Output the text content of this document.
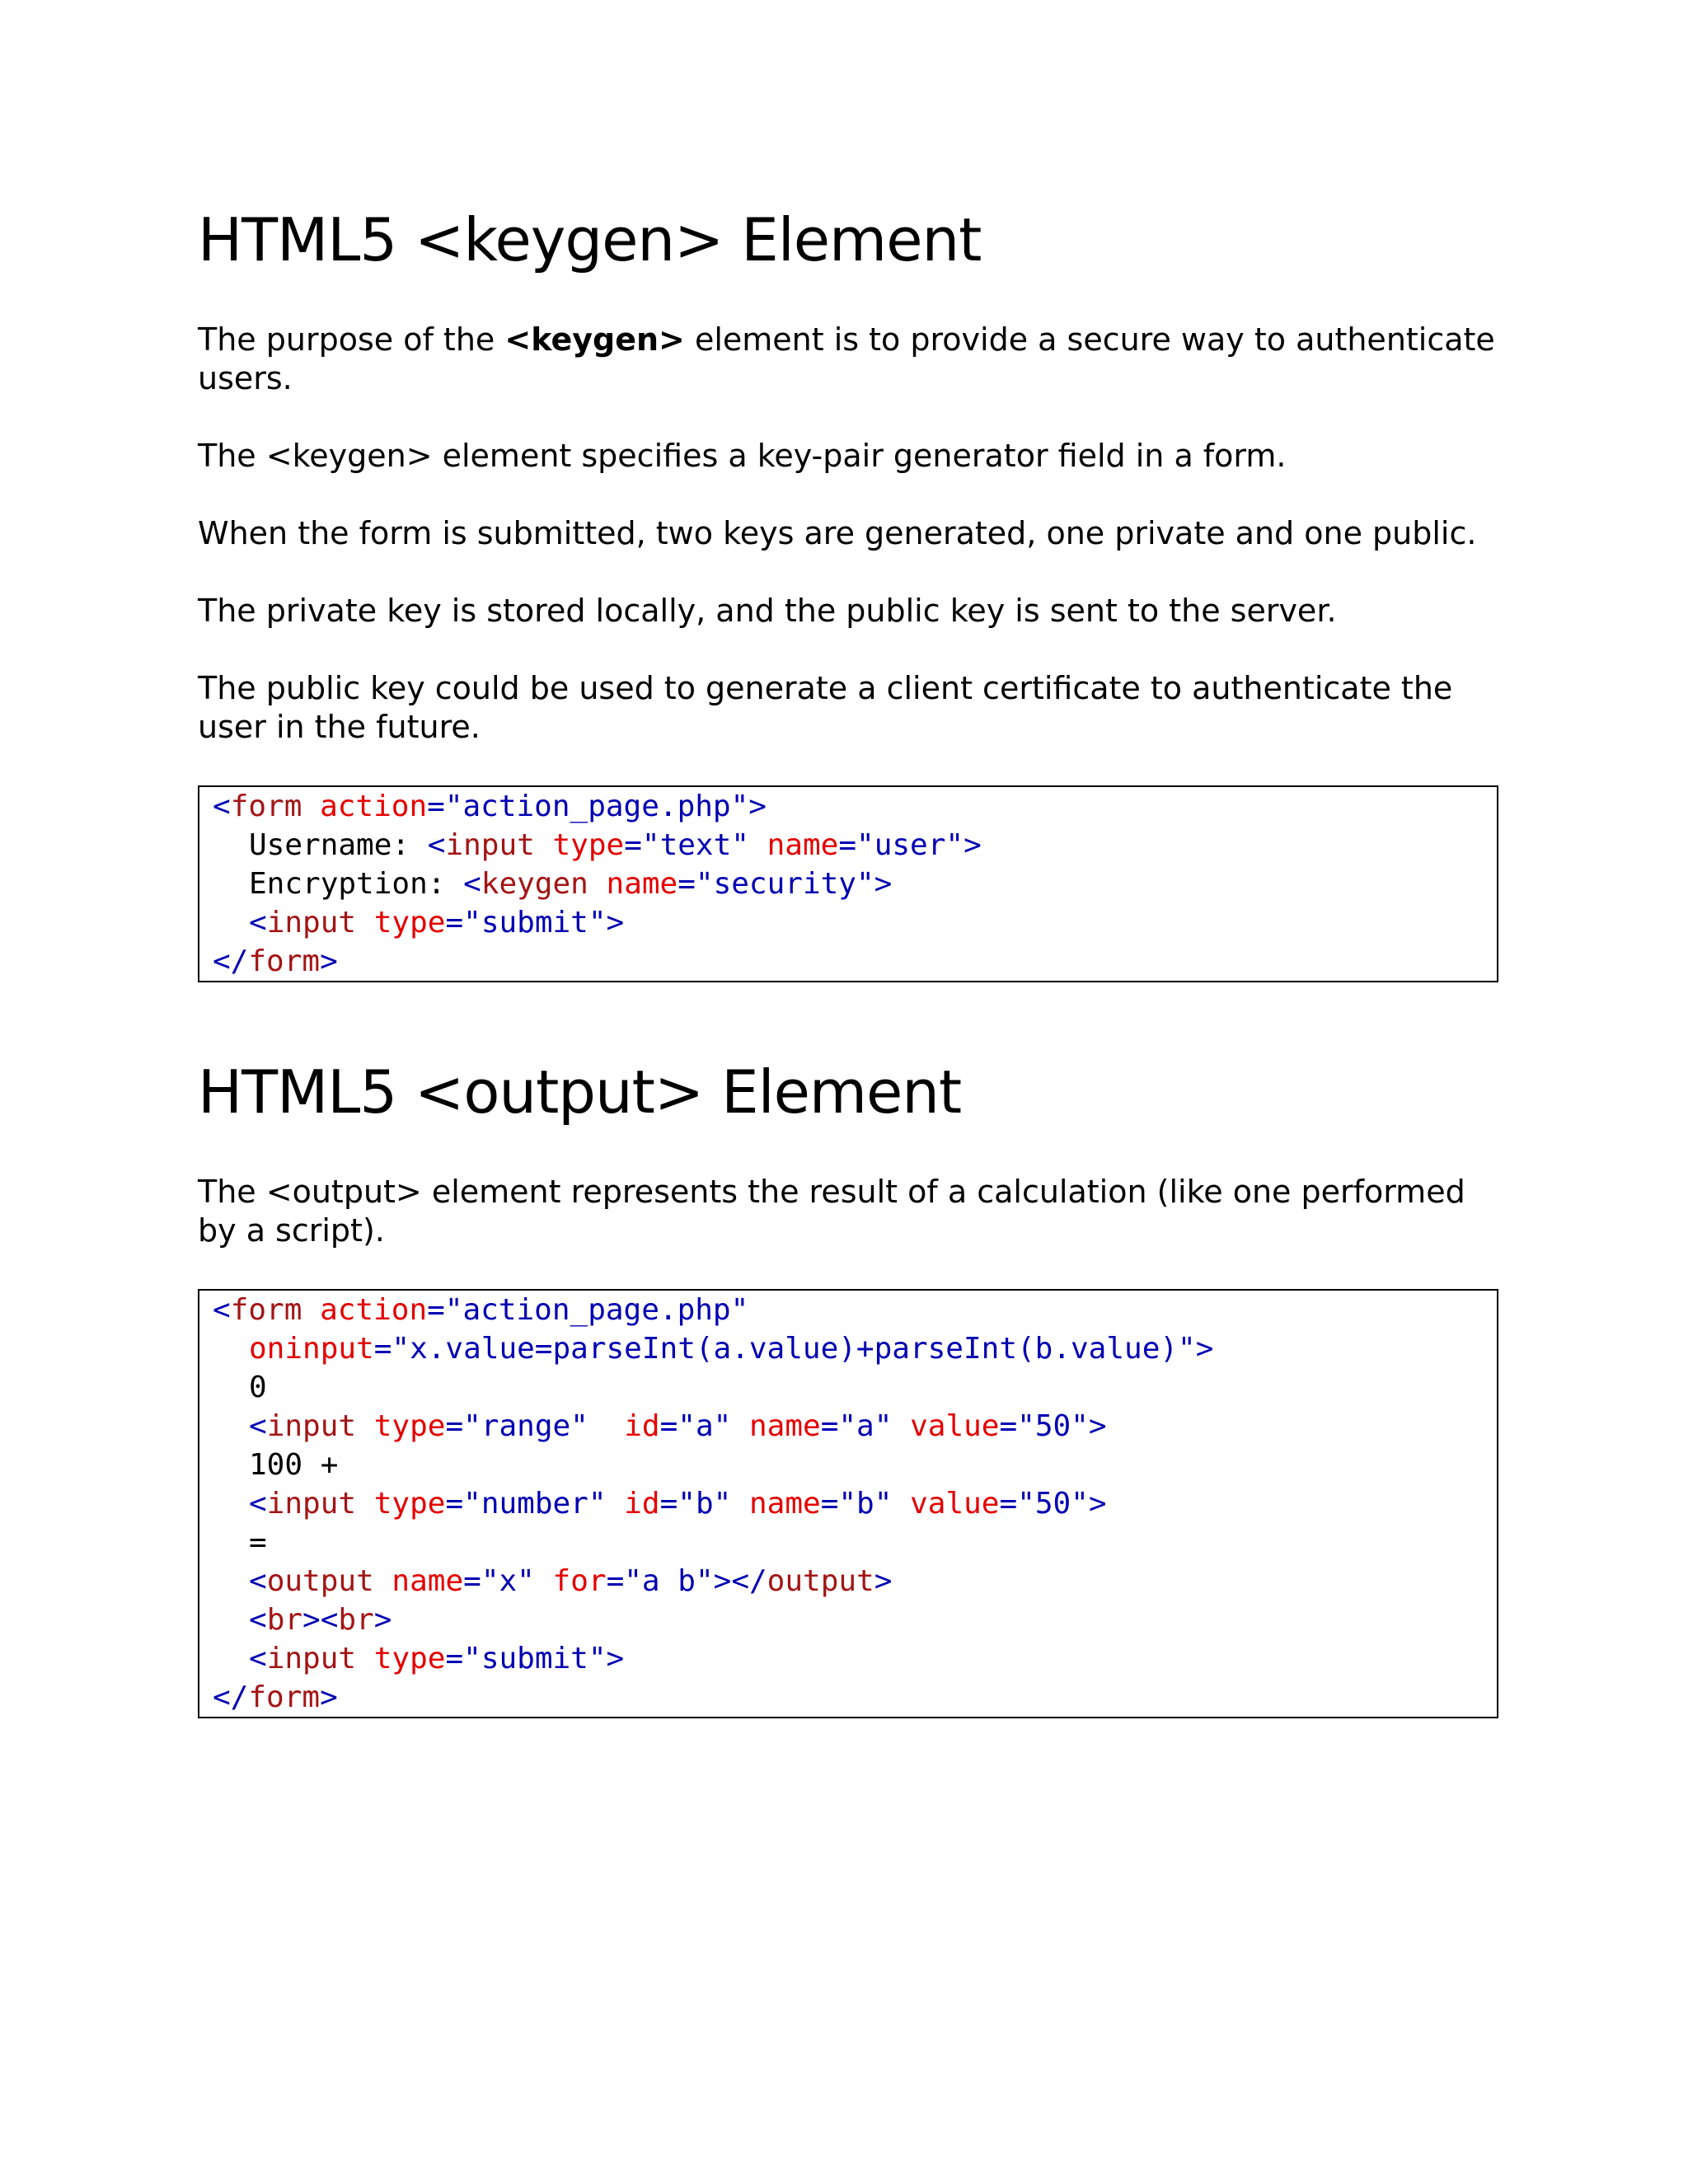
HTML5 <keygen> Element

The purpose of the <keygen> element is to provide a secure way to authenticate users.

The <keygen> element specifies a key-pair generator field in a form.

When the form is submitted, two keys are generated, one private and one public.

The private key is stored locally, and the public key is sent to the server.

The public key could be used to generate a client certificate to authenticate the user in the future.

<form action="action_page.php">
Username: <input type="text" name="user">
Encryption: <keygen name="security">
<input type="submit">
</form>
HTML5 <output> Element

The <output> element represents the result of a calculation (like one performed by a script).

<form action="action_page.php"
oninput="x.value=parseInt(a.value)+parseInt(b.value)">
0
<input type="range" id="a" name="a" value="50">
100 +
<input type="number" id="b" name="b" value="50">
=
<output name="x" for="a b"></output>
<br><br>
<input type="submit">
</form>
